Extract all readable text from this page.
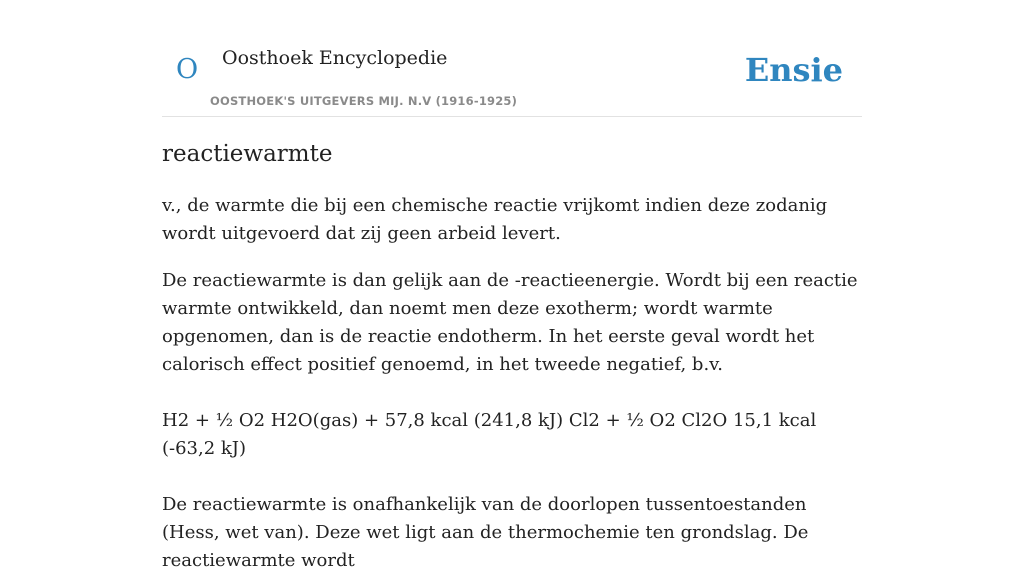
O Oosthoek Encyclopedie
OOSTHOEK'S UITGEVERS MIJ. N.V (1916-1925)
Ensie
reactiewarmte

v., de warmte die bij een chemische reactie vrijkomt indien deze zodanig wordt uitgevoerd dat zij geen arbeid levert.

De reactiewarmte is dan gelijk aan de -reactieenergie. Wordt bij een reactie warmte ontwikkeld, dan noemt men deze exotherm; wordt warmte opgenomen, dan is de reactie endotherm. In het eerste geval wordt het calorisch effect positief genoemd, in het tweede negatief, b.v.

H2 + ½ O2 H2O(gas) + 57,8 kcal (241,8 kJ) Cl2 + ½ O2 Cl2O 15,1 kcal (-63,2 kJ)

De reactiewarmte is onafhankelijk van de doorlopen tussentoestanden (Hess, wet van). Deze wet ligt aan de thermochemie ten grondslag. De reactiewarmte wordt
